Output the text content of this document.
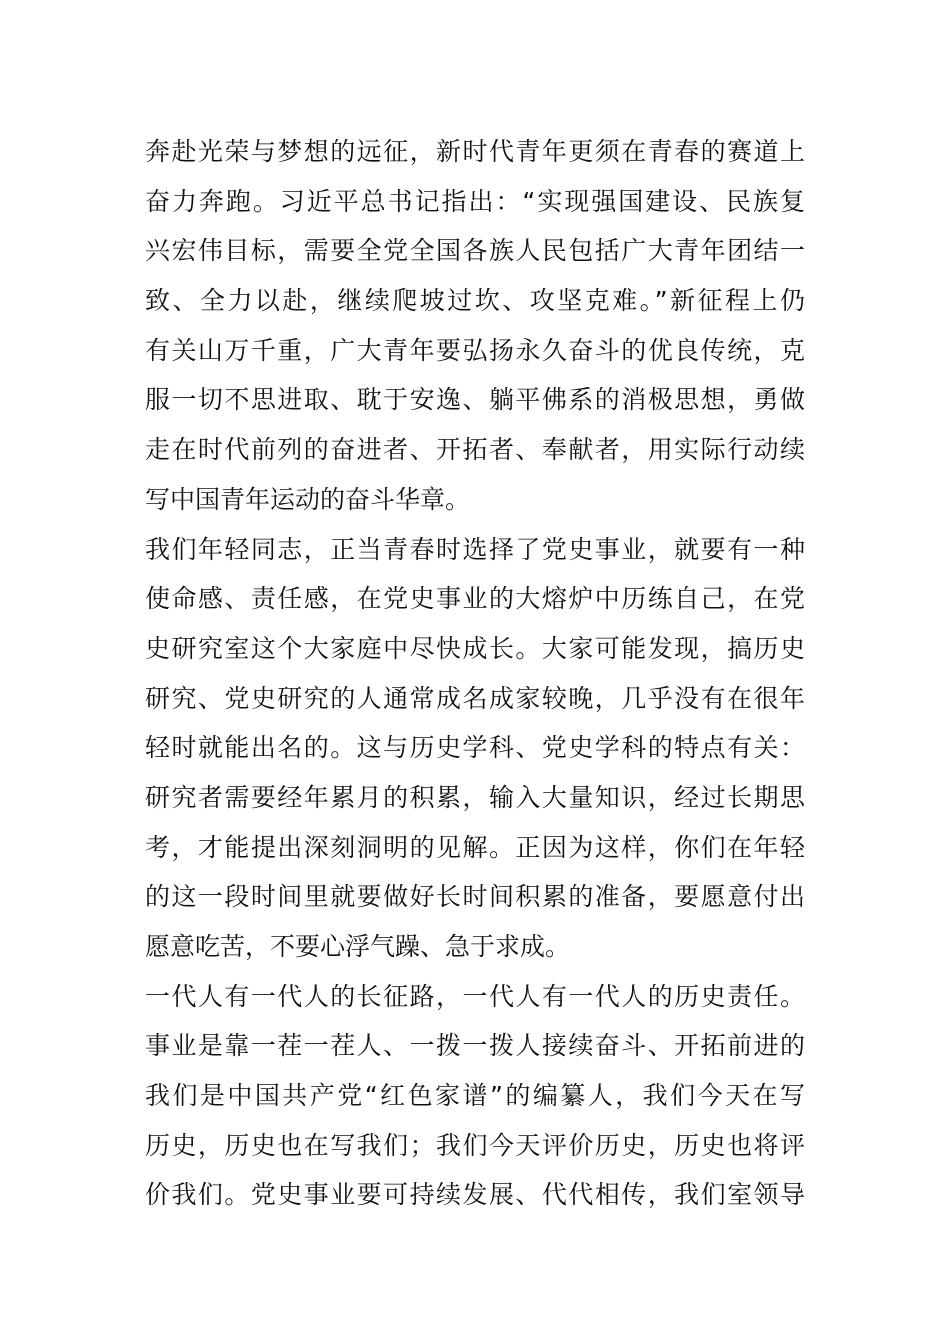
奔赴光荣与梦想的远征，新时代青年更须在青春的赛道上
奋力奔跑。习近平总书记指出：“实现强国建设、民族复
兴宏伟目标，需要全党全国各族人民包括广大青年团结一
致、全力以赴，继续爬坡过坎、攻坚克难。”新征程上仍
有关山万千重，广大青年要弘扬永久奋斗的优良传统，克
服一切不思进取、耽于安逸、躺平佛系的消极思想，勇做
走在时代前列的奋进者、开拓者、奉献者，用实际行动续
写中国青年运动的奋斗华章。
我们年轻同志，正当青春时选择了党史事业，就要有一种
使命感、责任感，在党史事业的大熔炉中历练自己，在党
史研究室这个大家庭中尽快成长。大家可能发现，搞历史
研究、党史研究的人通常成名成家较晚，几乎没有在很年
轻时就能出名的。这与历史学科、党史学科的特点有关：
研究者需要经年累月的积累，输入大量知识，经过长期思
考，才能提出深刻洞明的见解。正因为这样，你们在年轻
的这一段时间里就要做好长时间积累的准备，要愿意付出
愿意吃苦，不要心浮气躁、急于求成。
一代人有一代人的长征路，一代人有一代人的历史责任。
事业是靠一茬一茬人、一拨一拨人接续奋斗、开拓前进的
我们是中国共产党“红色家谱”的编纂人，我们今天在写
历史，历史也在写我们；我们今天评价历史，历史也将评
价我们。党史事业要可持续发展、代代相传，我们室领导
